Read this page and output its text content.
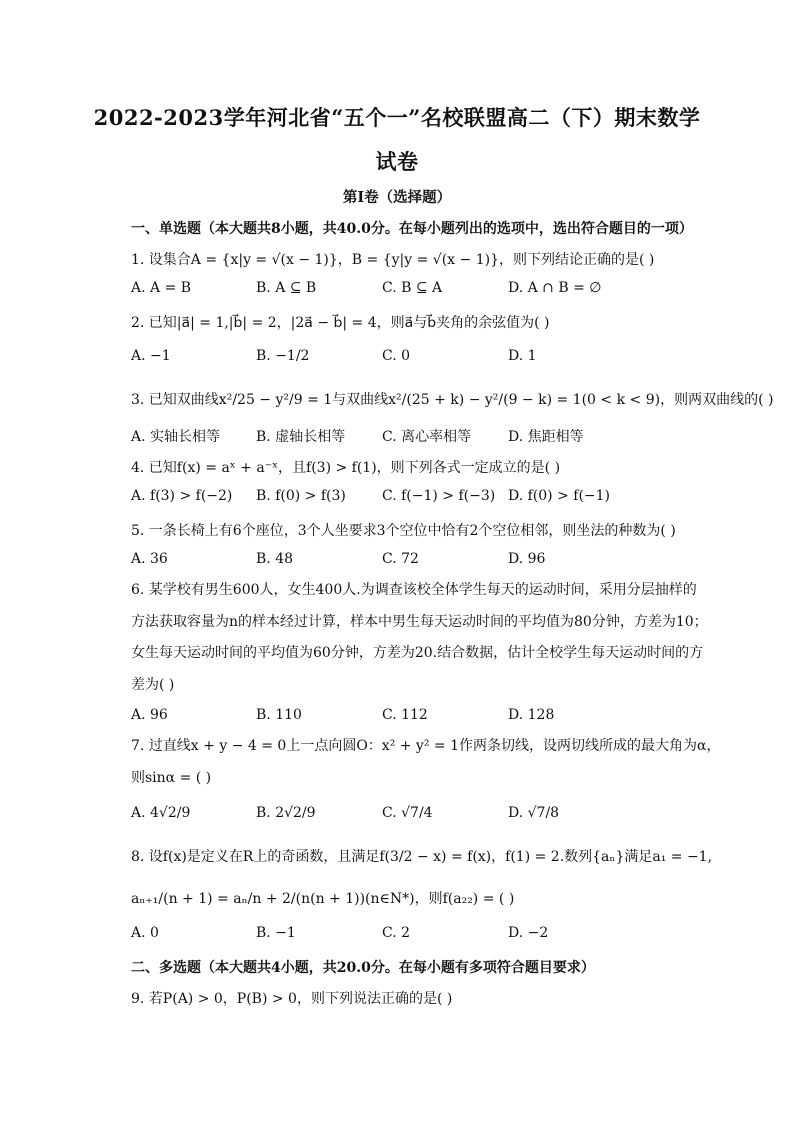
2022-2023学年河北省“五个一”名校联盟高二（下）期末数学
试卷
第I卷（选择题）
一、单选题（本大题共8小题，共40.0分。在每小题列出的选项中，选出符合题目的一项）
1. 设集合A = {x|y = √(x − 1)}，B = {y|y = √(x − 1)}，则下列结论正确的是( )
A. A = B	B. A ⊆ B	C. B ⊆ A	D. A ∩ B = ∅
2. 已知|a⃗| = 1,|b⃗| = 2，|2a⃗ − b⃗| = 4，则a⃗与b⃗夹角的余弦值为( )
A. −1	B. −1/2	C. 0	D. 1
3. 已知双曲线x²/25 − y²/9 = 1与双曲线x²/(25 + k) − y²/(9 − k) = 1(0 < k < 9)，则两双曲线的( )
A. 实轴长相等	B. 虚轴长相等	C. 离心率相等	D. 焦距相等
4. 已知f(x) = aˣ + a⁻ˣ，且f(3) > f(1)，则下列各式一定成立的是( )
A. f(3) > f(−2) B. f(0) > f(3)	C. f(−1) > f(−3) D. f(0) > f(−1)
5. 一条长椅上有6个座位，3个人坐要求3个空位中恰有2个空位相邻，则坐法的种数为( )
A. 36	B. 48	C. 72	D. 96
6. 某学校有男生600人，女生400人.为调查该校全体学生每天的运动时间，采用分层抽样的
方法获取容量为n的样本经过计算，样本中男生每天运动时间的平均值为80分钟，方差为10；
女生每天运动时间的平均值为60分钟，方差为20.结合数据，估计全校学生每天运动时间的方
差为( )
A. 96	B. 110	C. 112	D. 128
7. 过直线x + y − 4 = 0上一点向圆O：x² + y² = 1作两条切线，设两切线所成的最大角为α，
则sinα = ( )
A. 4√2/9	B. 2√2/9	C. √7/4	D. √7/8
8. 设f(x)是定义在R上的奇函数，且满足f(3/2 − x) = f(x)，f(1) = 2.数列{aₙ}满足a₁ = −1,
aₙ₊₁/(n + 1) = aₙ/n + 2/(n(n + 1))(n∈N*)，则f(a₂₂) = ( )
A. 0	B. −1	C. 2	D. −2
二、多选题（本大题共4小题，共20.0分。在每小题有多项符合题目要求）
9. 若P(A) > 0，P(B) > 0，则下列说法正确的是( )
